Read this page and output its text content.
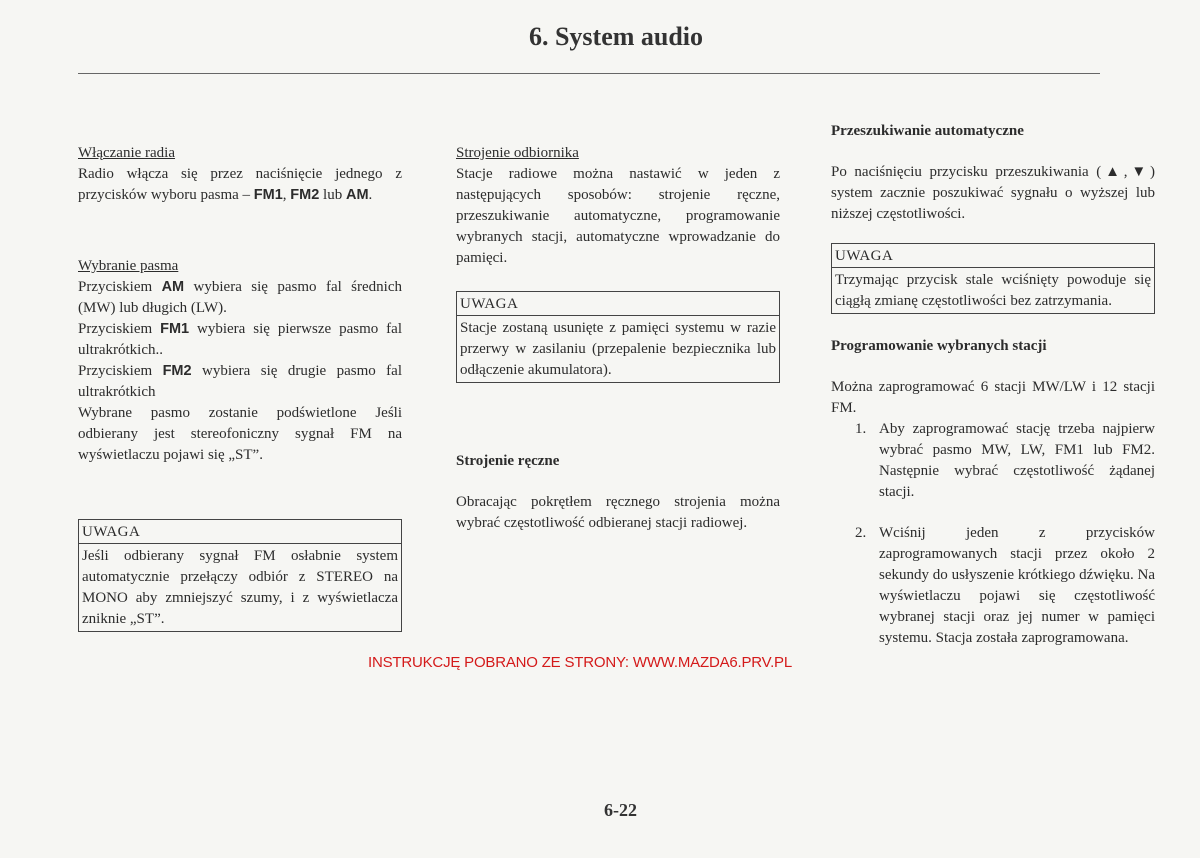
6. System audio

Włączanie radia

Radio włącza się przez naciśnięcie jednego z przycisków wyboru pasma – FM1, FM2 lub AM.

Wybranie pasma

Przyciskiem AM wybiera się pasmo fal średnich (MW) lub długich (LW).

Przyciskiem FM1 wybiera się pierwsze pasmo fal ultrakrótkich..

Przyciskiem FM2 wybiera się drugie pasmo fal ultrakrótkich

Wybrane pasmo zostanie podświetlone Jeśli odbierany jest stereofoniczny sygnał FM na wyświetlaczu pojawi się „ST”.

UWAGA

Jeśli odbierany sygnał FM osłabnie system automatycznie przełączy odbiór z STEREO na MONO aby zmniejszyć szumy, i z wyświetlacza zniknie „ST”.

Strojenie odbiornika

Stacje radiowe można nastawić w jeden z następujących sposobów: strojenie ręczne, przeszukiwanie automatyczne, programowanie wybranych stacji, automatyczne wprowadzanie do pamięci.

UWAGA

Stacje zostaną usunięte z pamięci systemu w razie przerwy w zasilaniu (przepalenie bezpiecznika lub odłączenie akumulatora).

Strojenie ręczne

Obracając pokrętłem ręcznego strojenia można wybrać częstotliwość odbieranej stacji radiowej.

Przeszukiwanie automatyczne

Po naciśnięciu przycisku przeszukiwania (▲,▼) system zacznie poszukiwać sygnału o wyższej lub niższej częstotliwości.

UWAGA

Trzymając przycisk stale wciśnięty powoduje się ciągłą zmianę częstotliwości bez zatrzymania.

Programowanie wybranych stacji

Można zaprogramować 6 stacji MW/LW i 12 stacji FM.

1. Aby zaprogramować stację trzeba najpierw wybrać pasmo MW, LW, FM1 lub FM2. Następnie wybrać częstotliwość żądanej stacji.
2. Wciśnij jeden z przycisków zaprogramowanych stacji przez około 2 sekundy do usłyszenie krótkiego dźwięku. Na wyświetlaczu pojawi się częstotliwość wybranej stacji oraz jej numer w pamięci systemu. Stacja została zaprogramowana.
INSTRUKCJĘ POBRANO ZE STRONY: WWW.MAZDA6.PRV.PL
6-22
